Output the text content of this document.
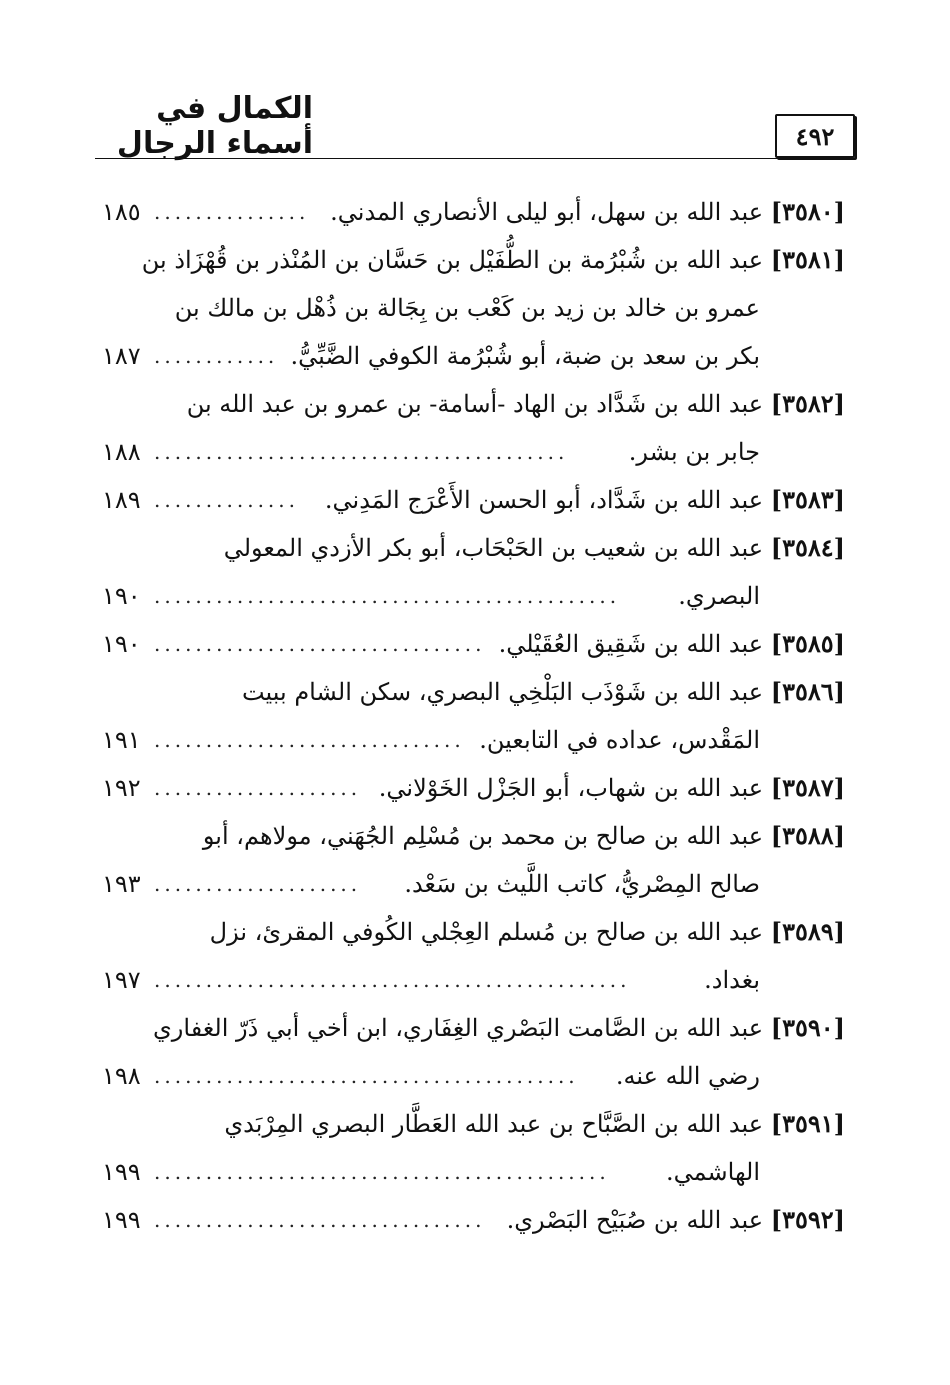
الكمال في أسماء الرجال	٤٩٢
[٣٥٨٠] عبد الله بن سهل، أبو ليلى الأنصاري المدني.
...............
١٨٥
[٣٥٨١] عبد الله بن شُبْرُمة بن الطُّفَيْل بن حَسَّان بن المُنْذر بن قُهْزَاذ بن
عمرو بن خالد بن زيد بن كَعْب بن بِجَالة بن ذُهْل بن مالك بن
بكر بن سعد بن ضبة، أبو شُبْرُمة الكوفي الضَّبِّيُّ.
............
١٨٧
[٣٥٨٢] عبد الله بن شَدَّاد بن الهاد -أسامة- بن عمرو بن عبد الله بن
جابر بن بشر.
........................................
١٨٨
[٣٥٨٣] عبد الله بن شَدَّاد، أبو الحسن الأَعْرَج المَدِني.
..............
١٨٩
[٣٥٨٤] عبد الله بن شعيب بن الحَبْحَاب، أبو بكر الأزدي المعولي
البصري.
.............................................
١٩٠
[٣٥٨٥] عبد الله بن شَقِيق العُقَيْلي.
................................
١٩٠
[٣٥٨٦] عبد الله بن شَوْذَب البَلْخِي البصري، سكن الشام ببيت
المَقْدس، عداده في التابعين.
..............................
١٩١
[٣٥٨٧] عبد الله بن شهاب، أبو الجَزْل الخَوْلاني.
....................
١٩٢
[٣٥٨٨] عبد الله بن صالح بن محمد بن مُسْلِم الجُهَني، مولاهم، أبو
صالح المِصْريُّ، كاتب اللَّيث بن سَعْد.
....................
١٩٣
[٣٥٨٩] عبد الله بن صالح بن مُسلم العِجْلي الكُوفي المقرئ، نزل
بغداد.
..............................................
١٩٧
[٣٥٩٠] عبد الله بن الصَّامت البَصْري الغِفَاري، ابن أخي أبي ذَرّ الغفاري
رضي الله عنه.
.........................................
١٩٨
[٣٥٩١] عبد الله بن الصَّبَّاح بن عبد الله العَطَّار البصري المِرْبَدي
الهاشمي.
............................................
١٩٩
[٣٥٩٢] عبد الله بن صُبَيْح البَصْري.
................................
١٩٩
